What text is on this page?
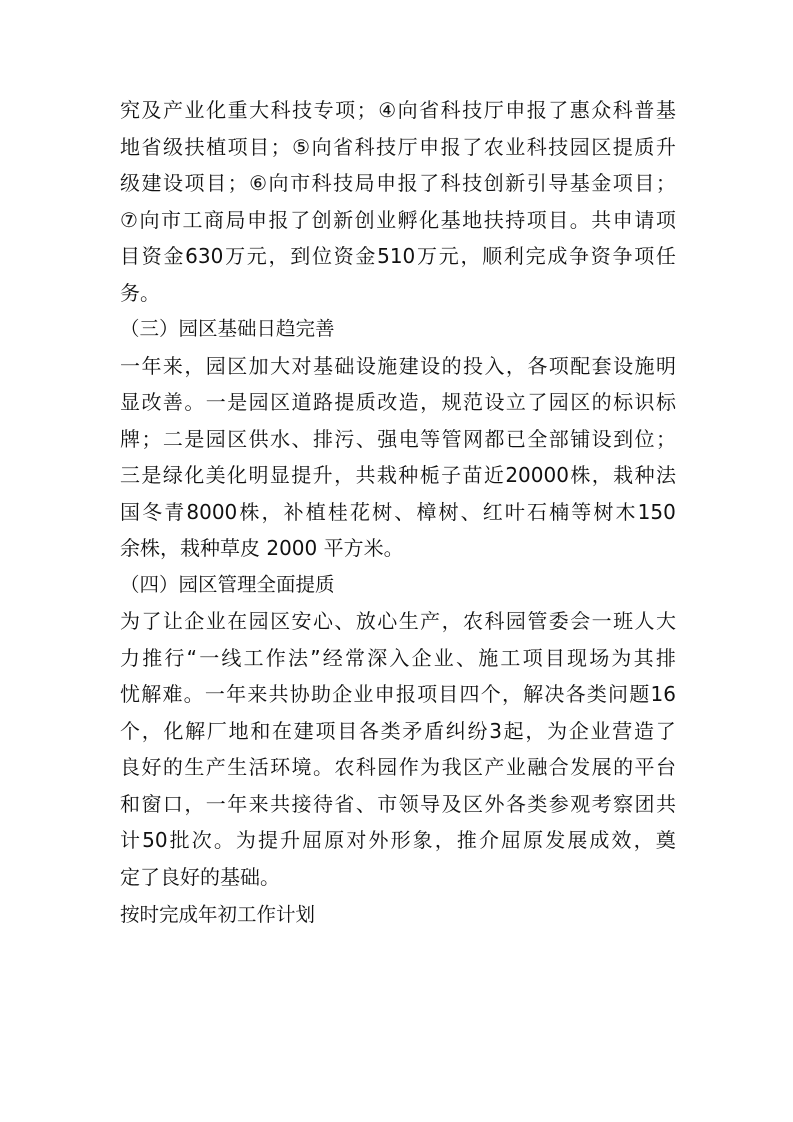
究 及 产 业 化 重 大 科 技 专 项 ； ④ 向 省 科 技 厅 申 报 了 惠 众 科 普 基
地 省 级 扶 植 项 目 ； ⑤ 向 省 科 技 厅 申 报 了 农 业 科 技 园 区 提 质 升
级 建 设 项 目 ； ⑥ 向 市 科 技 局 申 报 了 科 技 创 新 引 导 基 金 项 目 ；
⑦ 向 市 工 商 局 申 报 了 创 新 创 业 孵 化 基 地 扶 持 项 目 。 共 申 请 项
目 资 金 630 万 元 ， 到 位 资 金 510 万 元 ， 顺 利 完 成 争 资 争 项 任
务。
（三）园区基础日趋完善
一 年 来 ， 园 区 加 大 对 基 础 设 施 建 设 的 投 入 ， 各 项 配 套 设 施 明
显 改 善 。 一 是 园 区 道 路 提 质 改 造 ， 规 范 设 立 了 园 区 的 标 识 标
牌 ； 二 是 园 区 供 水 、 排 污 、 强 电 等 管 网 都 已 全 部 铺 设 到 位 ；
三 是 绿 化 美 化 明 显 提 升 ， 共 栽 种 栀 子 苗 近 20000 株 ， 栽 种 法
国 冬 青 8000 株 ， 补 植 桂 花 树 、 樟 树 、 红 叶 石 楠 等 树 木 150
余株，栽种草皮 2000 平方米。
（四）园区管理全面提质
为 了 让 企 业 在 园 区 安 心 、 放 心 生 产 ， 农 科 园 管 委 会 一 班 人 大
力 推 行 “ 一 线 工 作 法 ” 经 常 深 入 企 业 、 施 工 项 目 现 场 为 其 排
忧 解 难 。 一 年 来 共 协 助 企 业 申 报 项 目 四 个 ， 解 决 各 类 问 题 16
个 ， 化 解 厂 地 和 在 建 项 目 各 类 矛 盾 纠 纷 3 起 ， 为 企 业 营 造 了
良 好 的 生 产 生 活 环 境 。 农 科 园 作 为 我 区 产 业 融 合 发 展 的 平 台
和 窗 口 ， 一 年 来 共 接 待 省 、 市 领 导 及 区 外 各 类 参 观 考 察 团 共
计 50 批 次 。 为 提 升 屈 原 对 外 形 象 ， 推 介 屈 原 发 展 成 效 ， 奠
定了良好的基础。
按时完成年初工作计划
